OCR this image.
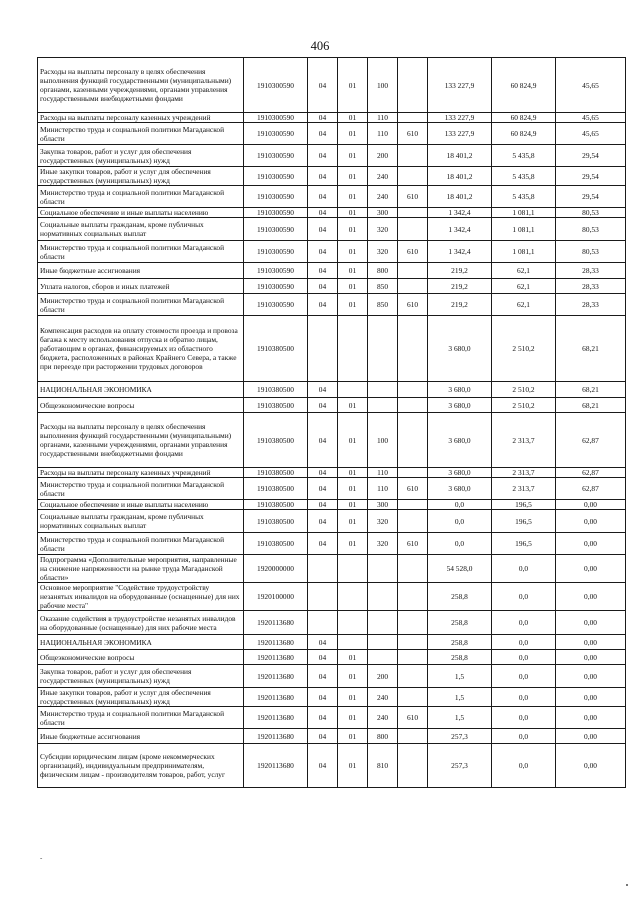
406
Расходы на выплаты персоналу в целях обеспечения выполнения функций государственными (муниципальными) органами, казенными учреждениями, органами управления государственными внебюджетными фондами	1910300590	04	01	100		133 227,9	60 824,9	45,65
Расходы на выплаты персоналу казенных учреждений	1910300590	04	01	110		133 227,9	60 824,9	45,65
Министерство труда и социальной политики Магаданской области	1910300590	04	01	110	610	133 227,9	60 824,9	45,65
Закупка товаров, работ и услуг для обеспечения государственных (муниципальных) нужд	1910300590	04	01	200		18 401,2	5 435,8	29,54
Иные закупки товаров, работ и услуг для обеспечения государственных (муниципальных) нужд	1910300590	04	01	240		18 401,2	5 435,8	29,54
Министерство труда и социальной политики Магаданской области	1910300590	04	01	240	610	18 401,2	5 435,8	29,54
Социальное обеспечение и иные выплаты населению	1910300590	04	01	300		1 342,4	1 081,1	80,53
Социальные выплаты гражданам, кроме публичных нормативных социальных выплат	1910300590	04	01	320		1 342,4	1 081,1	80,53
Министерство труда и социальной политики Магаданской области	1910300590	04	01	320	610	1 342,4	1 081,1	80,53
Иные бюджетные ассигнования	1910300590	04	01	800		219,2	62,1	28,33
Уплата налогов, сборов и иных платежей	1910300590	04	01	850		219,2	62,1	28,33
Министерство труда и социальной политики Магаданской области	1910300590	04	01	850	610	219,2	62,1	28,33
Компенсация расходов на оплату стоимости проезда и провоза багажа к месту использования отпуска и обратно лицам, работающим в органах, финансируемых из областного бюджета, расположенных в районах Крайнего Севера, а также при переезде при расторжении трудовых договоров	1910380500					3 680,0	2 510,2	68,21
НАЦИОНАЛЬНАЯ ЭКОНОМИКА	1910380500	04				3 680,0	2 510,2	68,21
Общеэкономические вопросы	1910380500	04	01			3 680,0	2 510,2	68,21
Расходы на выплаты персоналу в целях обеспечения выполнения функций государственными (муниципальными) органами, казенными учреждениями, органами управления государственными внебюджетными фондами	1910380500	04	01	100		3 680,0	2 313,7	62,87
Расходы на выплаты персоналу казенных учреждений	1910380500	04	01	110		3 680,0	2 313,7	62,87
Министерство труда и социальной политики Магаданской области	1910380500	04	01	110	610	3 680,0	2 313,7	62,87
Социальное обеспечение и иные выплаты населению	1910380500	04	01	300		0,0	196,5	0,00
Социальные выплаты гражданам, кроме публичных нормативных социальных выплат	1910380500	04	01	320		0,0	196,5	0,00
Министерство труда и социальной политики Магаданской области	1910380500	04	01	320	610	0,0	196,5	0,00
Подпрограмма «Дополнительные мероприятия, направленные на снижение напряженности на рынке труда Магаданской области»	1920000000					54 528,0	0,0	0,00
Основное мероприятие "Содействие трудоустройству незанятых инвалидов на оборудованные (оснащенные) для них рабочие места"	1920100000					258,8	0,0	0,00
Оказание содействия в трудоустройстве незанятых инвалидов на оборудованные (оснащенные) для них рабочие места	1920113680					258,8	0,0	0,00
НАЦИОНАЛЬНАЯ ЭКОНОМИКА	1920113680	04				258,8	0,0	0,00
Общеэкономические вопросы	1920113680	04	01			258,8	0,0	0,00
Закупка товаров, работ и услуг для обеспечения государственных (муниципальных) нужд	1920113680	04	01	200		1,5	0,0	0,00
Иные закупки товаров, работ и услуг для обеспечения государственных (муниципальных) нужд	1920113680	04	01	240		1,5	0,0	0,00
Министерство труда и социальной политики Магаданской области	1920113680	04	01	240	610	1,5	0,0	0,00
Иные бюджетные ассигнования	1920113680	04	01	800		257,3	0,0	0,00
Субсидии юридическим лицам (кроме некоммерческих организаций), индивидуальным предпринимателям, физическим лицам - производителям товаров, работ, услуг	1920113680	04	01	810		257,3	0,0	0,00
-
